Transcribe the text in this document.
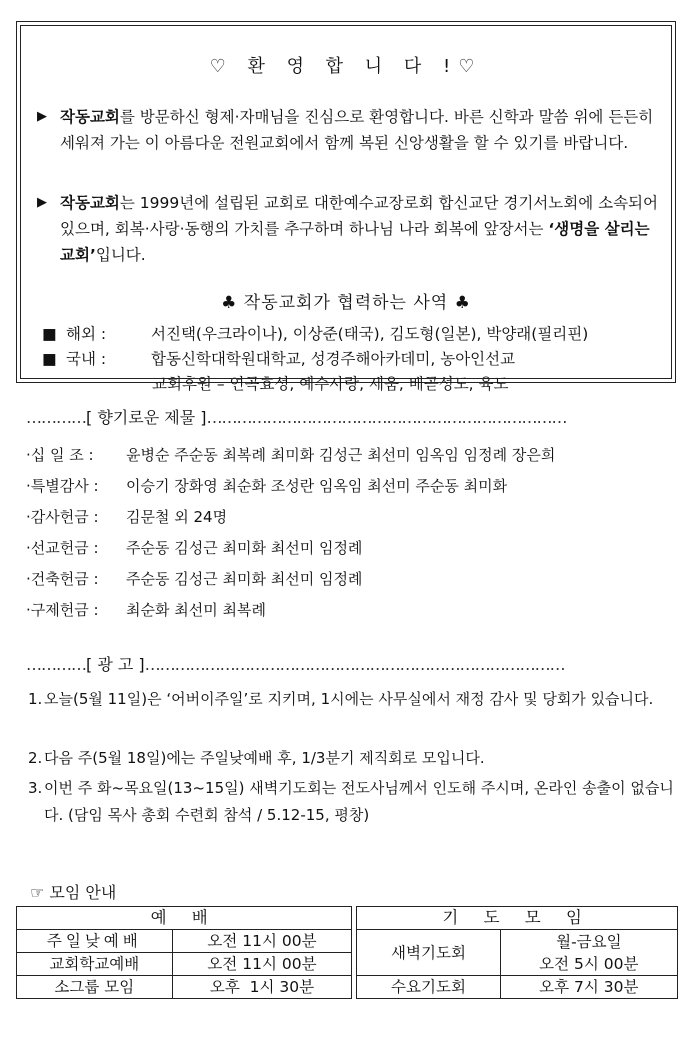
♡ 환 영 합 니 다 !♡
▶ 작동교회를 방문하신 형제·자매님을 진심으로 환영합니다. 바른 신학과 말씀 위에 든든히 세워져 가는 이 아름다운 전원교회에서 함께 복된 신앙생활을 할 수 있기를 바랍니다.
▶ 작동교회는 1999년에 설립된 교회로 대한예수교장로회 합신교단 경기서노회에 소속되어 있으며, 회복·사랑·동행의 가치를 추구하며 하나님 나라 회복에 앞장서는 ‘생명을 살리는 교회’입니다.
♣ 작동교회가 협력하는 사역 ♣
■ 해외 :	서진택(우크라이나), 이상준(태국), 김도형(일본), 박양래(필리핀)
■ 국내 :	합동신학대학원대학교, 성경주해아카데미, 농아인선교
교회후원 – 연곡효성, 예수사랑, 세움, 배곧성도, 육도
…………[ 향기로운 제물 ]………………………………………………………………
·십 일 조 : 윤병순 주순동 최복례 최미화 김성근 최선미 임옥임 임정례 장은희
·특별감사 : 이승기 장화영 최순화 조성란 임옥임 최선미 주순동 최미화
·감사헌금 : 김문철 외 24명
·선교헌금 : 주순동 김성근 최미화 최선미 임정례
·건축헌금 : 주순동 김성근 최미화 최선미 임정례
·구제헌금 : 최순화 최선미 최복례
…………[ 광 고 ]…………………………………………………………………………
1. 오늘(5월 11일)은 ‘어버이주일’로 지키며, 1시에는 사무실에서 재정 감사 및 당회가 있습니다.
2. 다음 주(5월 18일)에는 주일낮예배 후, 1/3분기 제직회로 모입니다.
3. 이번 주 화~목요일(13~15일) 새벽기도회는 전도사님께서 인도해 주시며, 온라인 송출이 없습니다. (담임 목사 총회 수련회 참석 / 5.12-15, 평창)
☞ 모임 안내
예 배			기 도 모 임	
주일낮예배	오전 11시 00분		새벽기도회	월-금요일
오전 5시 00분

교회학교예배	오전 11시 00분			
소그룹 모임	오후  1시 30분		수요기도회	오후 7시 30분
